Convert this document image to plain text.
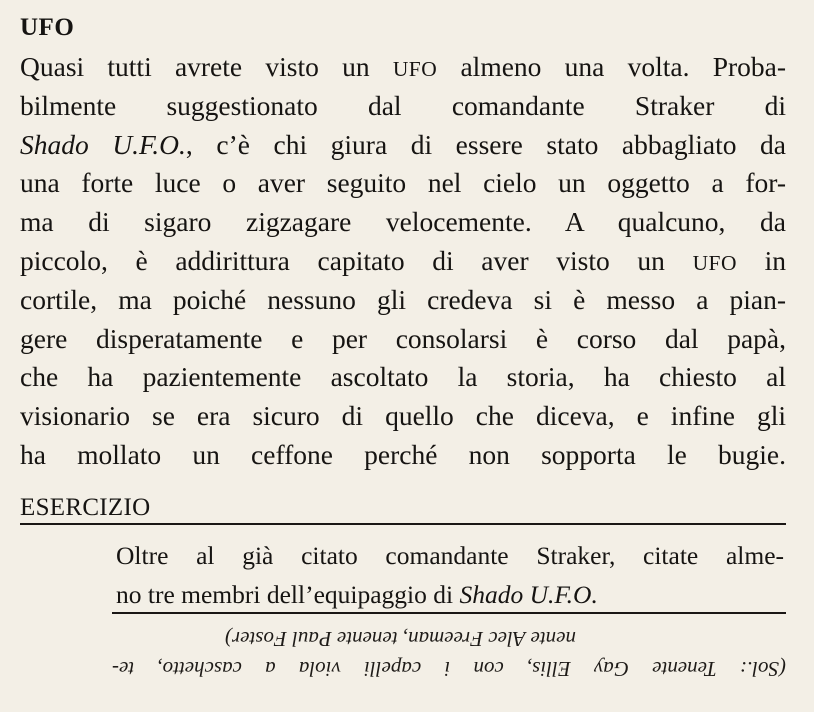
UFO
Quasi tutti avrete visto un UFO almeno una volta. Proba-
bilmente suggestionato dal comandante Straker di
Shado U.F.O., c’è chi giura di essere stato abbagliato da
una forte luce o aver seguito nel cielo un oggetto a for-
ma di sigaro zigzagare velocemente. A qualcuno, da
piccolo, è addirittura capitato di aver visto un UFO in
cortile, ma poiché nessuno gli credeva si è messo a pian-
gere disperatamente e per consolarsi è corso dal papà,
che ha pazientemente ascoltato la storia, ha chiesto al
visionario se era sicuro di quello che diceva, e infine gli
ha mollato un ceffone perché non sopporta le bugie.
ESERCIZIO
Oltre al già citato comandante Straker, citate almе-
no tre membri dell’equipaggio di Shado U.F.O.
(Sol.: Tenente Gay Ellis, con i capelli viola a caschetto, te-
nente Alec Freeman, tenente Paul Foster)
